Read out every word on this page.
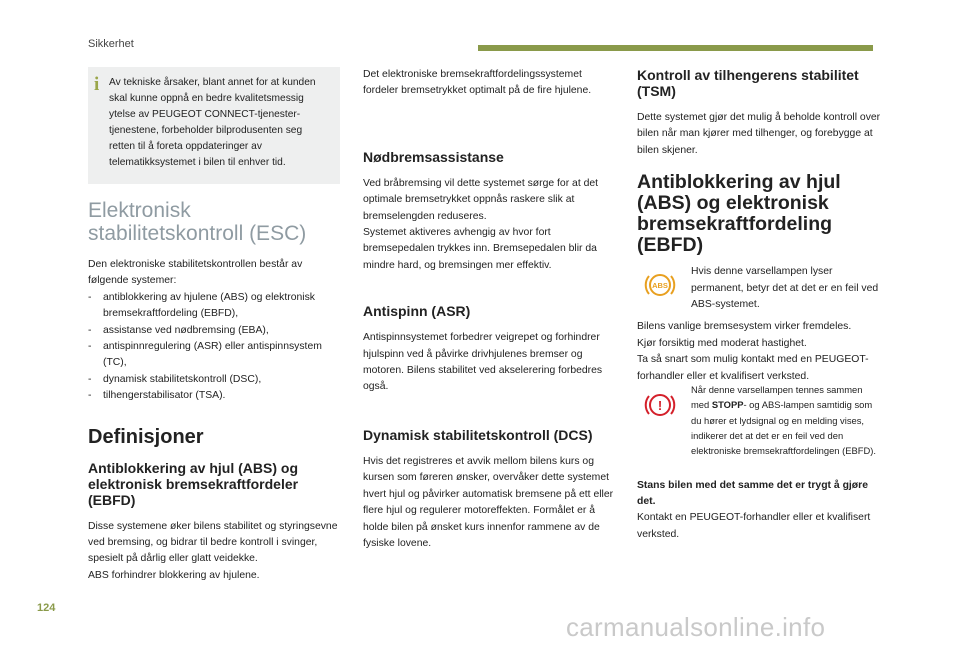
Sikkerhet
i Av tekniske årsaker, blant annet for at kunden skal kunne oppnå en bedre kvalitetsmessig ytelse av PEUGEOT CONNECT-tjenester-tjenestene, forbeholder bilprodusenten seg retten til å foreta oppdateringer av telematikksystemet i bilen til enhver tid.

Elektronisk stabilitetskontroll (ESC)

Den elektroniske stabilitetskontrollen består av følgende systemer:

- antiblokkering av hjulene (ABS) og elektronisk bremsekraftfordeling (EBFD),
- assistanse ved nødbremsing (EBA),
- antispinnregulering (ASR) eller antispinnsystem (TC),
- dynamisk stabilitetskontroll (DSC),
- tilhengerstabilisator (TSA).
Definisjoner
Antiblokkering av hjul (ABS) og elektronisk bremsekraftfordeler (EBFD)

Disse systemene øker bilens stabilitet og styringsevne ved bremsing, og bidrar til bedre kontroll i svinger, spesielt på dårlig eller glatt veidekke.

ABS forhindrer blokkering av hjulene.

Det elektroniske bremsekraftfordelingssystemet fordeler bremsetrykket optimalt på de fire hjulene.

Nødbremsassistanse

Ved bråbremsing vil dette systemet sørge for at det optimale bremsetrykket oppnås raskere slik at bremselengden reduseres.

Systemet aktiveres avhengig av hvor fort bremsepedalen trykkes inn. Bremsepedalen blir da mindre hard, og bremsingen mer effektiv.

Antispinn (ASR)

Antispinnsystemet forbedrer veigrepet og forhindrer hjulspinn ved å påvirke drivhjulenes bremser og motoren. Bilens stabilitet ved akselerering forbedres også.

Dynamisk stabilitetskontroll (DCS)

Hvis det registreres et avvik mellom bilens kurs og kursen som føreren ønsker, overvåker dette systemet hvert hjul og påvirker automatisk bremsene på ett eller flere hjul og regulerer motoreffekten. Formålet er å holde bilen på ønsket kurs innenfor rammene av de fysiske lovene.

Kontroll av tilhengerens stabilitet (TSM)

Dette systemet gjør det mulig å beholde kontroll over bilen når man kjører med tilhenger, og forebygge at bilen skjener.

Antiblokkering av hjul (ABS) og elektronisk bremsekraftfordeling (EBFD)
ABS

Hvis denne varsellampen lyser permanent, betyr det at det er en feil ved ABS-systemet.

Bilens vanlige bremsesystem virker fremdeles.

Kjør forsiktig med moderat hastighet.

Ta så snart som mulig kontakt med en PEUGEOT-forhandler eller et kvalifisert verksted.

!

Når denne varsellampen tennes sammen med STOPP- og ABS-lampen samtidig som du hører et lydsignal og en melding vises, indikerer det at det er en feil ved den elektroniske bremsekraftfordelingen (EBFD).

Stans bilen med det samme det er trygt å gjøre det.

Kontakt en PEUGEOT-forhandler eller et kvalifisert verksted.

124
carmanualsonline.info
